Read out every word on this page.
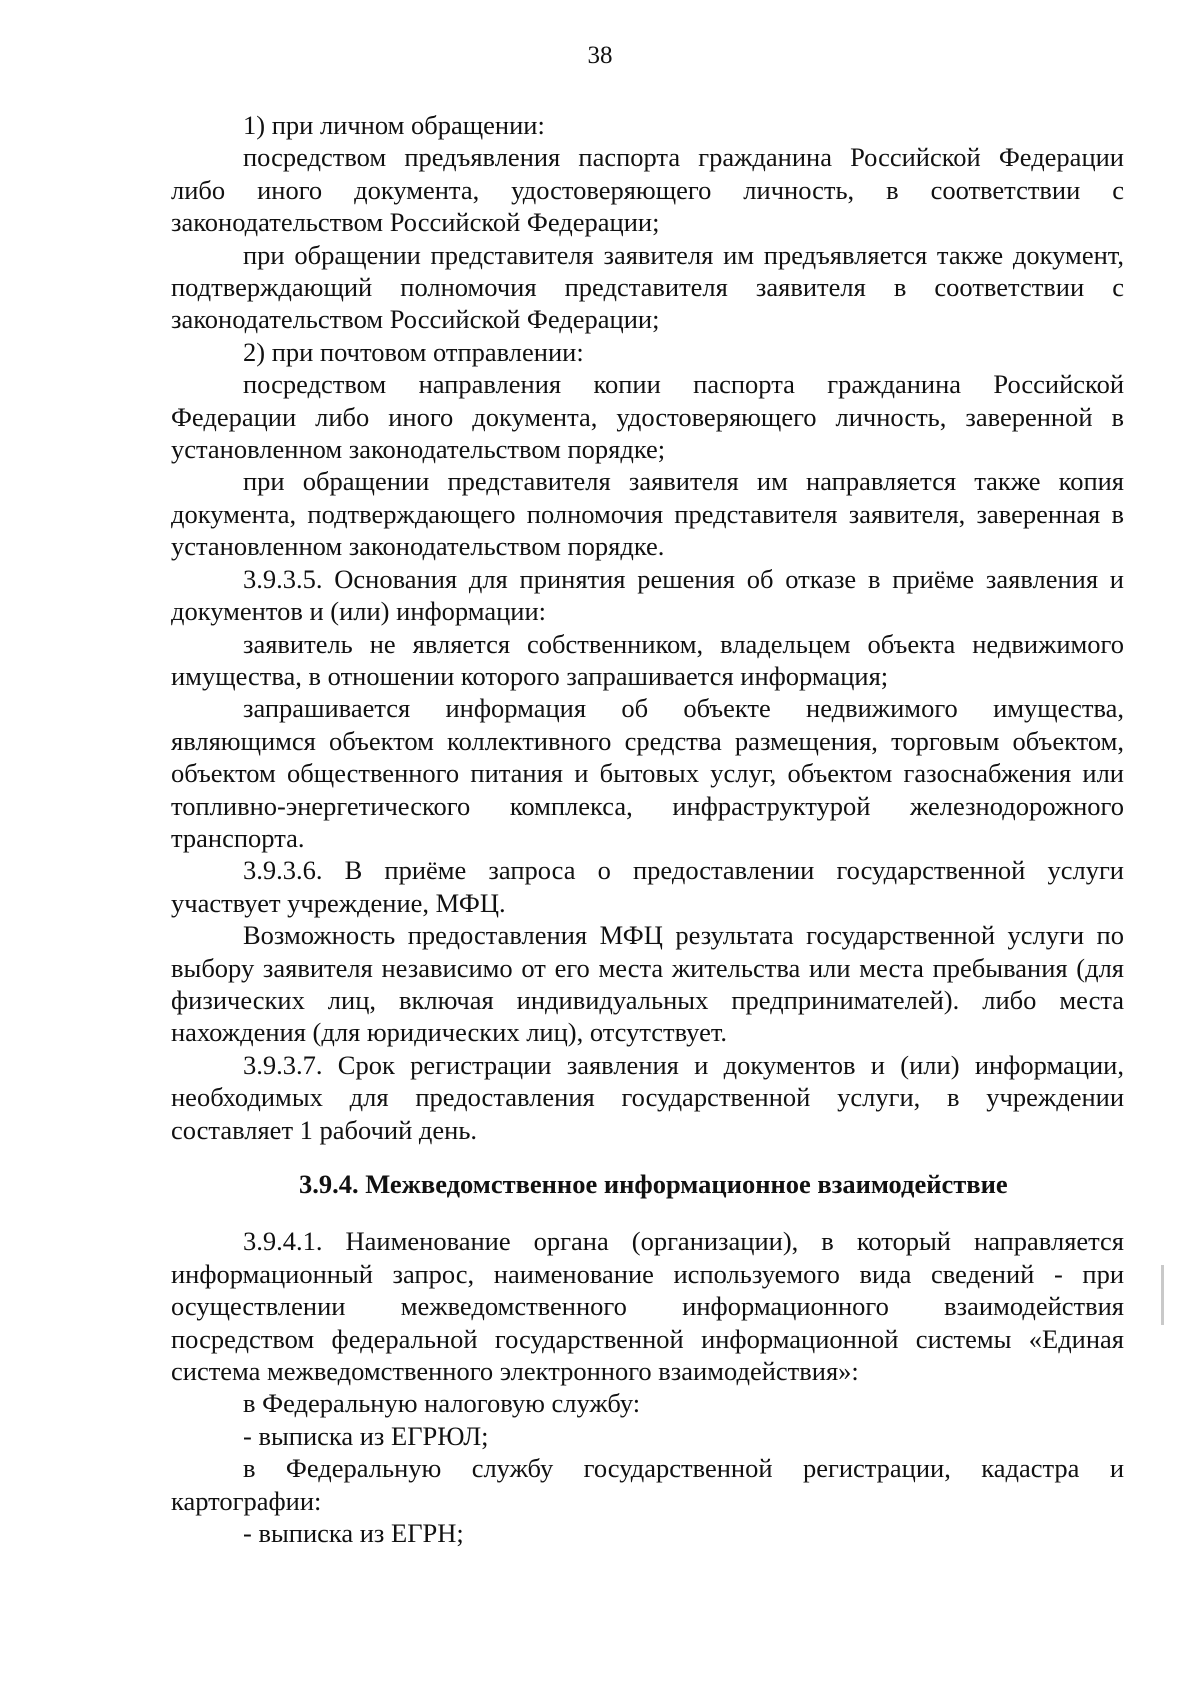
38

1) при личном обращении:

посредством предъявления паспорта гражданина Российской Федерации либо иного документа, удостоверяющего личность, в соответствии с законодательством Российской Федерации;

при обращении представителя заявителя им предъявляется также документ, подтверждающий полномочия представителя заявителя в соответствии с законодательством Российской Федерации;

2) при почтовом отправлении:

посредством направления копии паспорта гражданина Российской Федерации либо иного документа, удостоверяющего личность, заверенной в установленном законодательством порядке;

при обращении представителя заявителя им направляется также копия документа, подтверждающего полномочия представителя заявителя, заверенная в установленном законодательством порядке.

3.9.3.5. Основания для принятия решения об отказе в приёме заявления и документов и (или) информации:

заявитель не является собственником, владельцем объекта недвижимого имущества, в отношении которого запрашивается информация;

запрашивается информация об объекте недвижимого имущества, являющимся объектом коллективного средства размещения, торговым объектом, объектом общественного питания и бытовых услуг, объектом газоснабжения или топливно-энергетического комплекса, инфраструктурой железнодорожного транспорта.

3.9.3.6. В приёме запроса о предоставлении государственной услуги участвует учреждение, МФЦ.

Возможность предоставления МФЦ результата государственной услуги по выбору заявителя независимо от его места жительства или места пребывания (для физических лиц, включая индивидуальных предпринимателей). либо места нахождения (для юридических лиц), отсутствует.

3.9.3.7. Срок регистрации заявления и документов и (или) информации, необходимых для предоставления государственной услуги, в учреждении составляет 1 рабочий день.

3.9.4. Межведомственное информационное взаимодействие

3.9.4.1. Наименование органа (организации), в который направляется информационный запрос, наименование используемого вида сведений - при осуществлении межведомственного информационного взаимодействия посредством федеральной государственной информационной системы «Единая система межведомственного электронного взаимодействия»:

в Федеральную налоговую службу:

- выписка из ЕГРЮЛ;

в Федеральную службу государственной регистрации, кадастра и картографии:

- выписка из ЕГРН;
